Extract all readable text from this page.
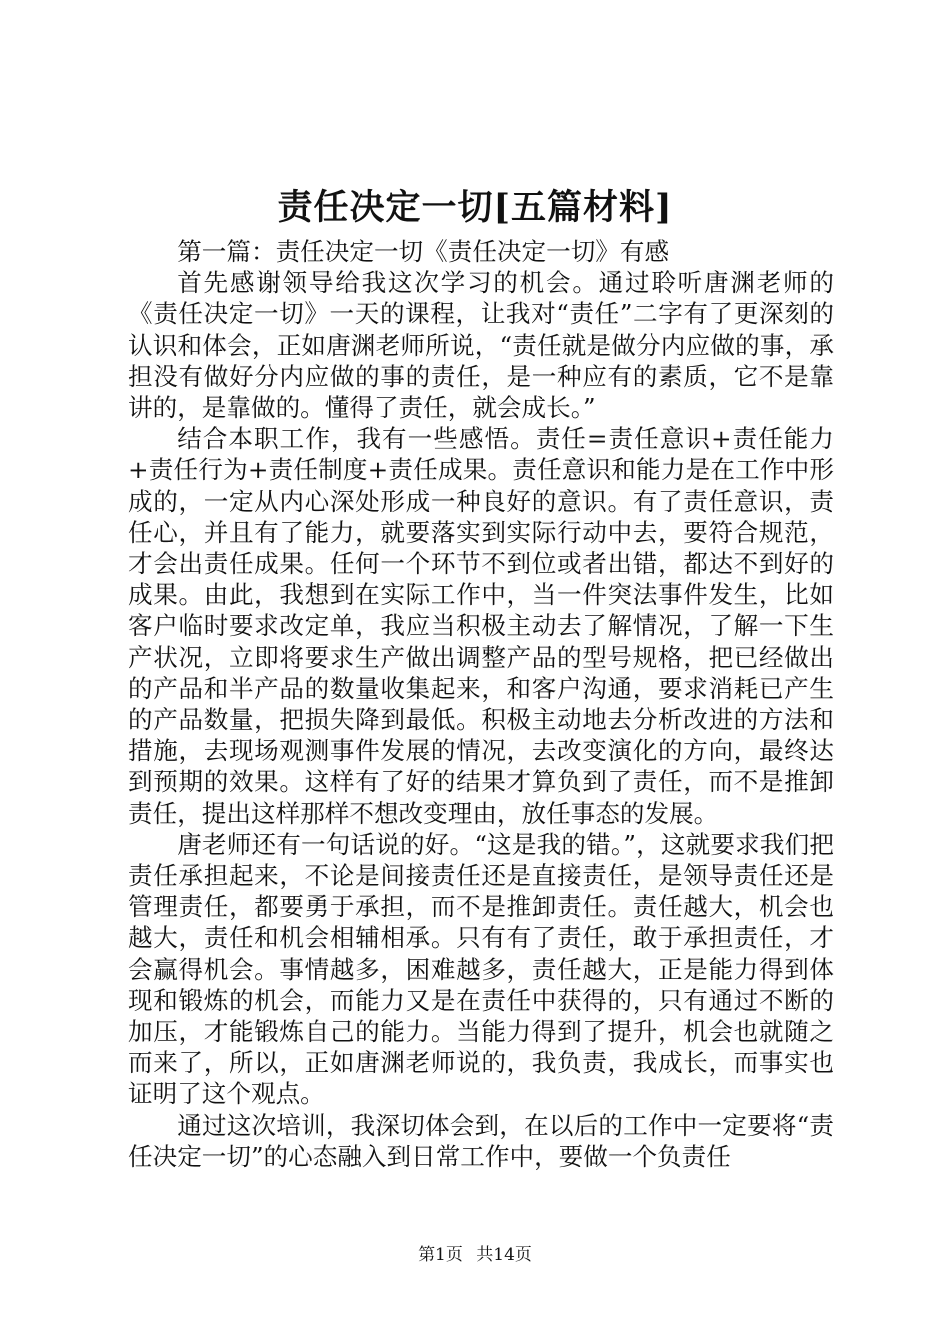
责任决定一切[五篇材料]

第一篇：责任决定一切《责任决定一切》有感

首先感谢领导给我这次学习的机会。通过聆听唐渊老师的《责任决定一切》一天的课程，让我对“责任”二字有了更深刻的认识和体会，正如唐渊老师所说，“责任就是做分内应做的事，承担没有做好分内应做的事的责任，是一种应有的素质，它不是靠讲的，是靠做的。懂得了责任，就会成长。”

结合本职工作，我有一些感悟。责任=责任意识+责任能力+责任行为+责任制度+责任成果。责任意识和能力是在工作中形成的，一定从内心深处形成一种良好的意识。有了责任意识，责任心，并且有了能力，就要落实到实际行动中去，要符合规范，才会出责任成果。任何一个环节不到位或者出错，都达不到好的成果。由此，我想到在实际工作中，当一件突法事件发生，比如客户临时要求改定单，我应当积极主动去了解情况，了解一下生产状况，立即将要求生产做出调整产品的型号规格，把已经做出的产品和半产品的数量收集起来，和客户沟通，要求消耗已产生的产品数量，把损失降到最低。积极主动地去分析改进的方法和措施，去现场观测事件发展的情况，去改变演化的方向，最终达到预期的效果。这样有了好的结果才算负到了责任，而不是推卸责任，提出这样那样不想改变理由，放任事态的发展。

唐老师还有一句话说的好。“这是我的错。”，这就要求我们把责任承担起来，不论是间接责任还是直接责任，是领导责任还是管理责任，都要勇于承担，而不是推卸责任。责任越大，机会也越大，责任和机会相辅相承。只有有了责任，敢于承担责任，才会赢得机会。事情越多，困难越多，责任越大，正是能力得到体现和锻炼的机会，而能力又是在责任中获得的，只有通过不断的加压，才能锻炼自己的能力。当能力得到了提升，机会也就随之而来了，所以，正如唐渊老师说的，我负责，我成长，而事实也证明了这个观点。

通过这次培训，我深切体会到，在以后的工作中一定要将“责任决定一切”的心态融入到日常工作中，要做一个负责任

第1页 共14页
